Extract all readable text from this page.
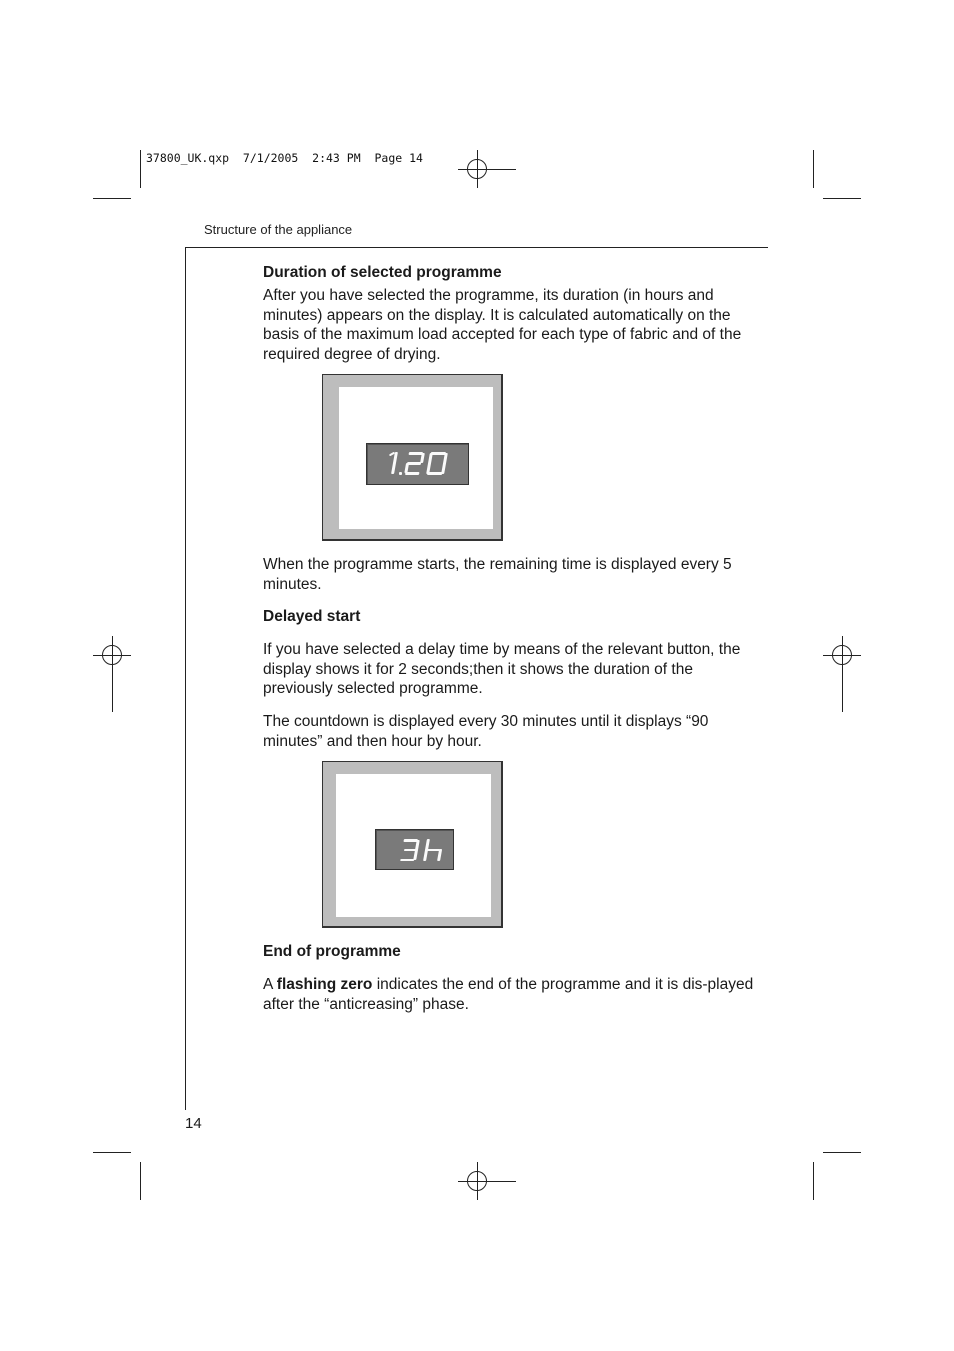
37800_UK.qxp  7/1/2005  2:43 PM  Page 14
Structure of the appliance
Duration of selected programme
After you have selected the programme, its duration (in hours and minutes) appears on the display. It is calculated automatically on the basis of the maximum load accepted for each type of fabric and of the required degree of drying.
When the programme starts, the remaining time is displayed every 5 minutes.
Delayed start
If you have selected a delay time by means of the relevant button, the display shows it for 2 seconds;then it shows the duration of the previously selected programme.
The countdown is displayed every 30 minutes until it displays “90 minutes” and then hour by hour.
End of programme
A flashing zero indicates the end of the programme and it is dis-played after the “anticreasing” phase.
14
